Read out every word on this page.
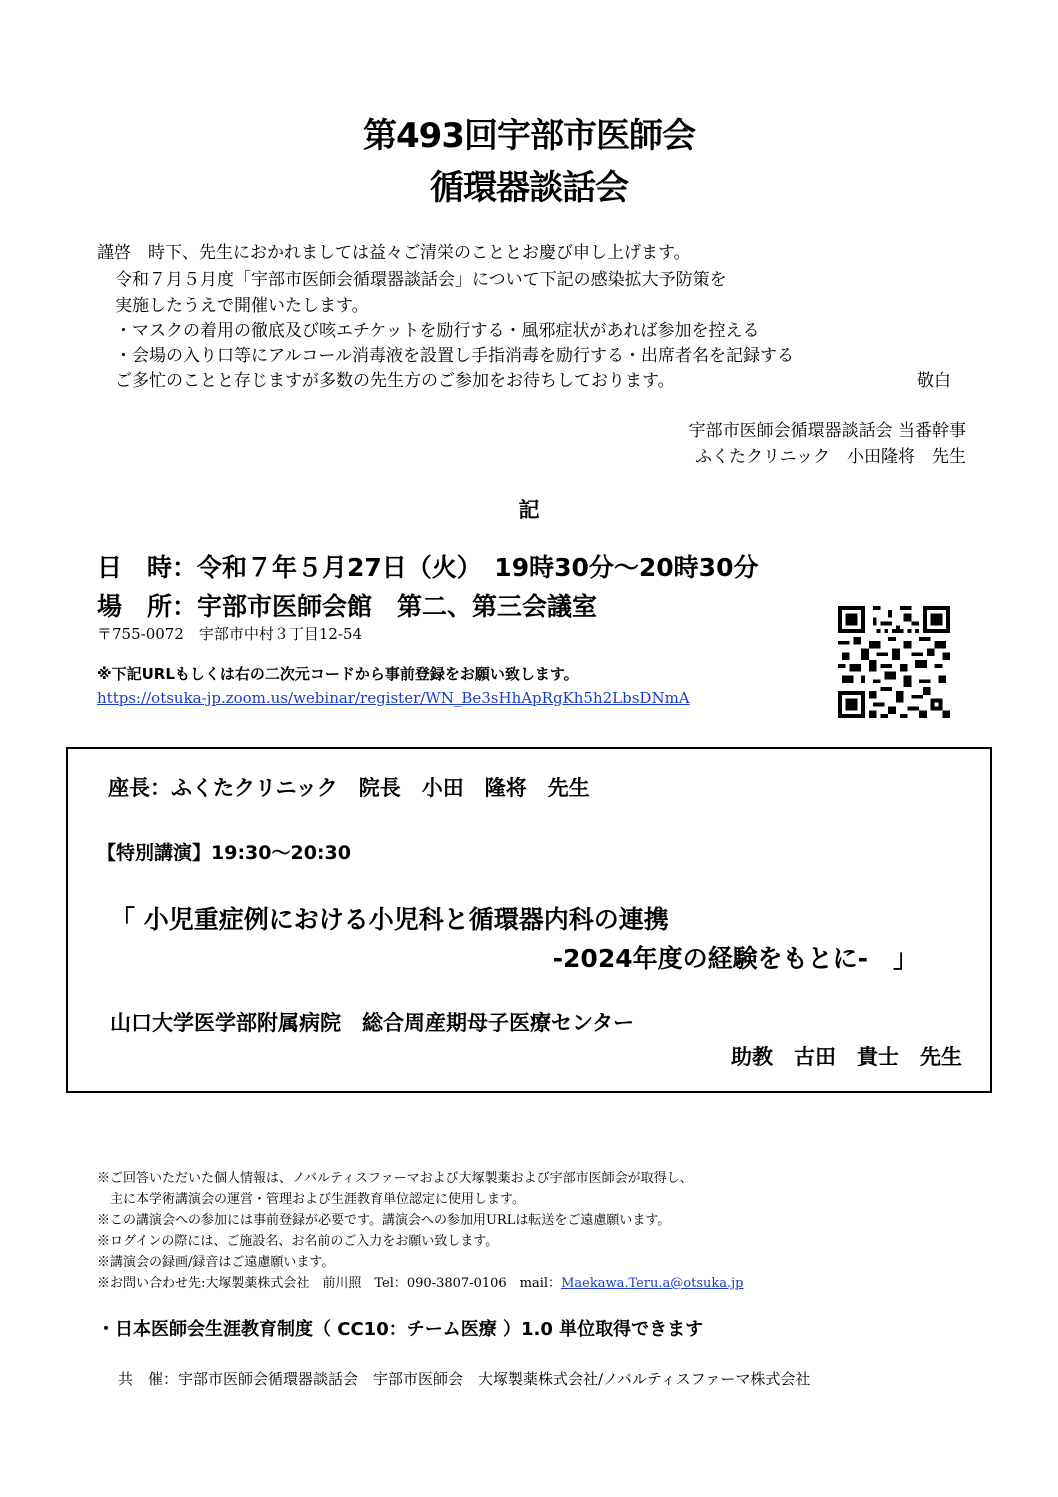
第493回宇部市医師会
循環器談話会
謹啓　時下、先生におかれましては益々ご清栄のこととお慶び申し上げます。
令和７月５月度「宇部市医師会循環器談話会」について下記の感染拡大予防策を
実施したうえで開催いたします。
・マスクの着用の徹底及び咳エチケットを励行する・風邪症状があれば参加を控える
・会場の入り口等にアルコール消毒液を設置し手指消毒を励行する・出席者名を記録する
ご多忙のことと存じますが多数の先生方のご参加をお待ちしております。	敬白
宇部市医師会循環器談話会 当番幹事
ふくたクリニック　小田隆将　先生
記
日　時：令和７年５月27日（火）　19時30分～20時30分
場　所：宇部市医師会館　第二、第三会議室
〒755-0072　宇部市中村３丁目12-54
※下記URLもしくは右の二次元コードから事前登録をお願い致します。
https://otsuka-jp.zoom.us/webinar/register/WN_Be3sHhApRgKh5h2LbsDNmA
座長：ふくたクリニック　院長　小田　隆将　先生
【特別講演】19:30～20:30
「 小児重症例における小児科と循環器内科の連携
-2024年度の経験をもとに-　」
山口大学医学部附属病院　総合周産期母子医療センター
助教　古田　貴士　先生
※ご回答いただいた個人情報は、ノバルティスファーマおよび大塚製薬および宇部市医師会が取得し、
　主に本学術講演会の運営・管理および生涯教育単位認定に使用します。
※この講演会への参加には事前登録が必要です。講演会への参加用URLは転送をご遠慮願います。
※ログインの際には、ご施設名、お名前のご入力をお願い致します。
※講演会の録画/録音はご遠慮願います。
※お問い合わせ先:大塚製薬株式会社　前川照　Tel：090-3807-0106　mail：Maekawa.Teru.a@otsuka.jp
・日本医師会生涯教育制度（ CC10：チーム医療 ）1.0 単位取得できます
共　催：宇部市医師会循環器談話会　宇部市医師会　大塚製薬株式会社/ノバルティスファーマ株式会社
